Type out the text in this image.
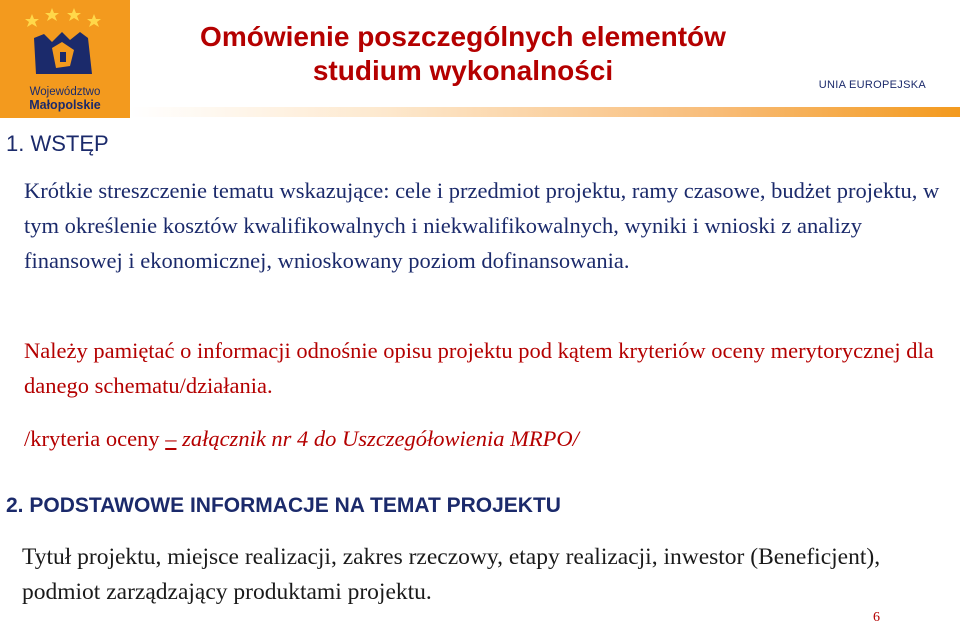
Województwo
Małopolskie
Omówienie poszczególnych elementów
studium wykonalności	UNIA EUROPEJSKA
1. WSTĘP
Krótkie streszczenie tematu wskazujące: cele i przedmiot projektu, ramy czasowe, budżet projektu, w tym określenie kosztów kwalifikowalnych i niekwalifikowalnych, wyniki i wnioski z analizy finansowej i ekonomicznej, wnioskowany poziom dofinansowania.
Należy pamiętać o informacji odnośnie opisu projektu pod kątem kryteriów oceny merytorycznej dla danego schematu/działania.
/kryteria oceny – załącznik nr 4 do Uszczegółowienia MRPO/
2. PODSTAWOWE INFORMACJE NA TEMAT PROJEKTU
Tytuł projektu, miejsce realizacji, zakres rzeczowy, etapy realizacji, inwestor (Beneficjent), podmiot zarządzający produktami projektu.
6
